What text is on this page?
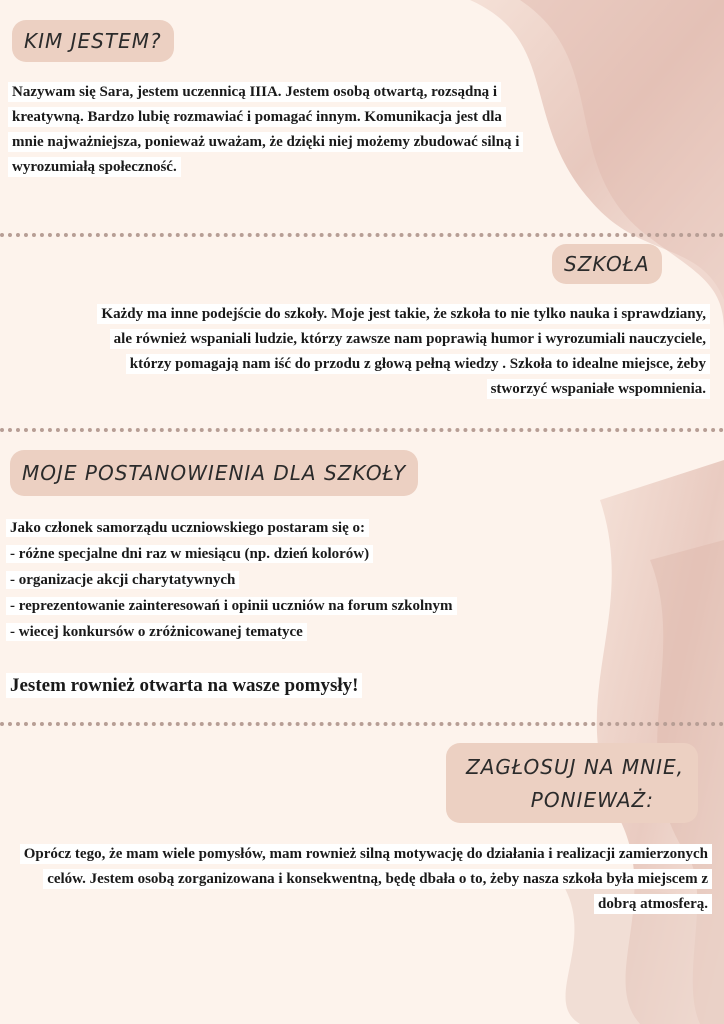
KIM JESTEM?
Nazywam się Sara, jestem uczennicą IIIA. Jestem osobą otwartą, rozsądną i kreatywną. Bardzo lubię rozmawiać i pomagać innym. Komunikacja jest dla mnie najważniejsza, ponieważ uważam, że dzięki niej możemy zbudować silną i wyrozumiałą społeczność.
SZKOŁA
Każdy ma inne podejście do szkoły. Moje jest takie, że szkoła to nie tylko nauka i sprawdziany, ale również wspaniali ludzie, którzy zawsze nam poprawią humor i wyrozumiali nauczyciele, którzy pomagają nam iść do przodu z głową pełną wiedzy . Szkoła to idealne miejsce, żeby stworzyć wspaniałe wspomnienia.
MOJE POSTANOWIENIA DLA SZKOŁY
Jako członek samorządu uczniowskiego postaram się o:
- różne specjalne dni raz w miesiącu (np. dzień kolorów)
- organizacje akcji charytatywnych
- reprezentowanie zainteresowań i opinii uczniów na forum szkolnym
- wiecej konkursów o zróżnicowanej tematyce
Jestem rownież otwarta na wasze pomysły!
ZAGŁOSUJ NA MNIE,
PONIEWAŻ:
Oprócz tego, że mam wiele pomysłów, mam rownież silną motywację do działania i realizacji zamierzonych celów. Jestem osobą zorganizowana i konsekwentną, będę dbała o to, żeby nasza szkoła była miejscem z dobrą atmosferą.
